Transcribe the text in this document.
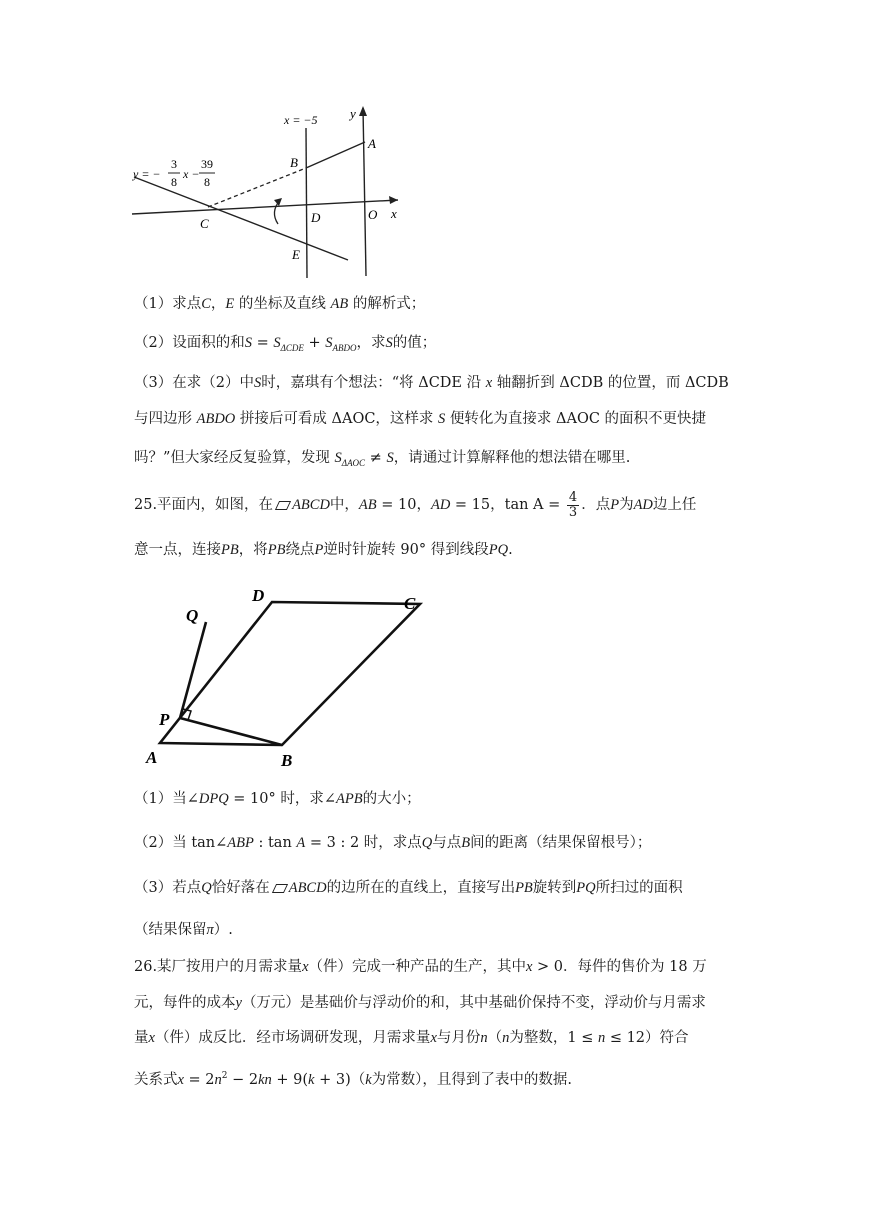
x = −5 y
x
A
B
C	D	O
E
y = −
3
8
x −
39
8
（1）求点C，E 的坐标及直线 AB 的解析式；
（2）设面积的和$S = S_{\Delta CDE} + S_{ABDO}$，求S的值；
（3）在求（2）中S时，嘉琪有个想法：“将 ΔCDE 沿 x 轴翻折到 ΔCDB 的位置，而 ΔCDB
与四边形 ABDO 拼接后可看成 ΔAOC，这样求 S 便转化为直接求 ΔAOC 的面积不更快捷
吗？”但大家经反复验算，发现 $S_{\Delta AOC} \ne S$，请通过计算解释他的想法错在哪里.
25.平面内，如图，在 ABCD中，AB = 10，AD = 15，$\tan A = \frac{4}{3}$ ．点P为AD边上任
意一点，连接PB，将PB绕点P逆时针旋转 90° 得到线段PQ.
Q
D	C
P
A	B
（1）当∠DPQ = 10° 时，求∠APB的大小；
（2）当 tan∠ABP : tan A = 3 : 2 时，求点Q与点B间的距离（结果保留根号）；
（3）若点Q恰好落在 ABCD的边所在的直线上，直接写出PB旋转到PQ所扫过的面积
（结果保留π）.
26.某厂按用户的月需求量x（件）完成一种产品的生产，其中x > 0．每件的售价为 18 万
元，每件的成本y（万元）是基础价与浮动价的和，其中基础价保持不变，浮动价与月需求
量x（件）成反比．经市场调研发现，月需求量x与月份n（n为整数，1 ≤ n ≤ 12）符合
关系式$x = 2n^2 - 2kn + 9(k + 3)(k$为常数），且得到了表中的数据.
